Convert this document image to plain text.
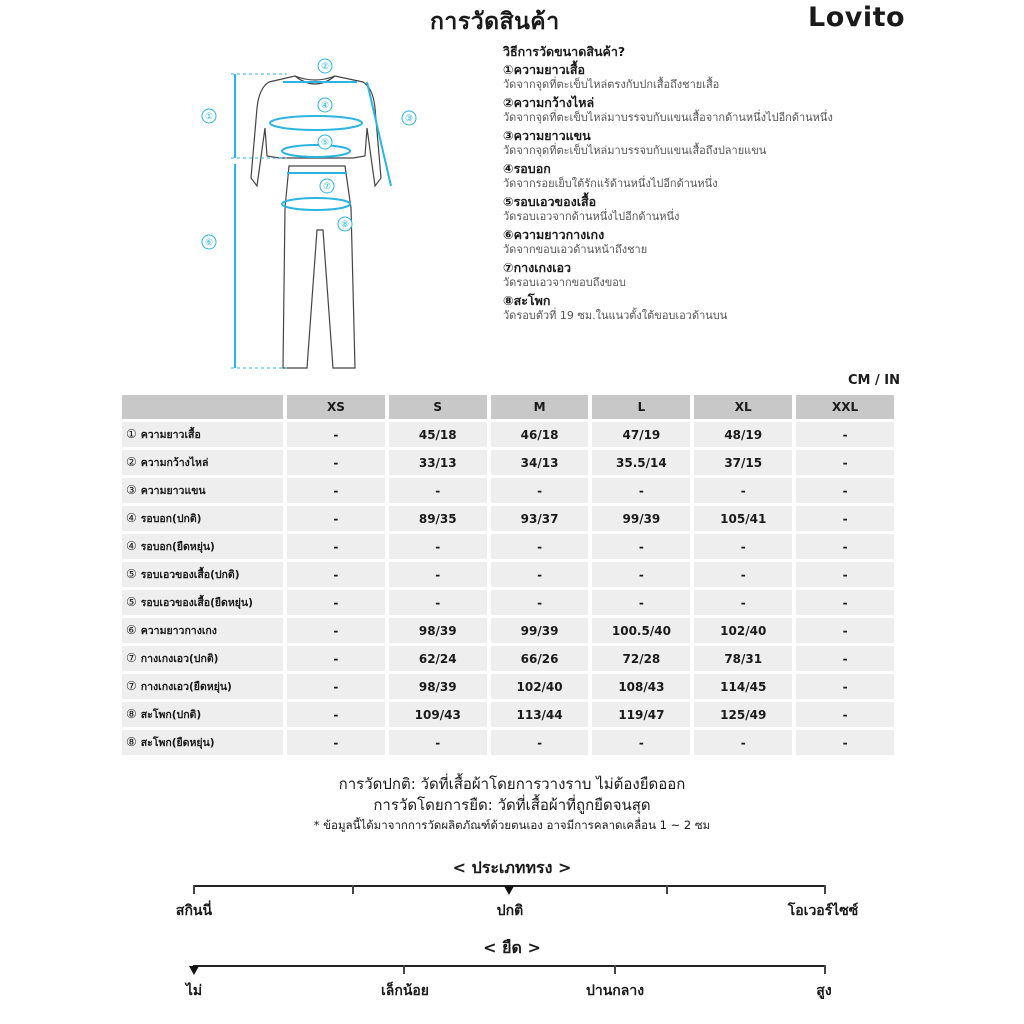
การวัดสินค้า	Lovito
①
②
③
④
⑤
⑥
⑦
⑧
วิธีการวัดขนาดสินค้า?
①ความยาวเสื้อ
วัดจากจุดที่ตะเข็บไหล่ตรงกับปกเสื้อถึงชายเสื้อ
②ความกว้างไหล่
วัดจากจุดที่ตะเข็บไหล่มาบรรจบกับแขนเสื้อจากด้านหนึ่งไปอีกด้านหนึ่ง
③ความยาวแขน
วัดจากจุดที่ตะเข็บไหล่มาบรรจบกับแขนเสื้อถึงปลายแขน
④รอบอก
วัดจากรอยเย็บใต้รักแร้ด้านหนึ่งไปอีกด้านหนึ่ง
⑤รอบเอวของเสื้อ
วัดรอบเอวจากด้านหนึ่งไปอีกด้านหนึ่ง
⑥ความยาวกางเกง
วัดจากขอบเอวด้านหน้าถึงชาย
⑦กางเกงเอว
วัดรอบเอวจากขอบถึงขอบ
⑧สะโพก
วัดรอบตัวที่ 19 ซม.ในแนวตั้งใต้ขอบเอวด้านบน
CM / IN
	XS	S	M	L	XL	XXL
① ความยาวเสื้อ	-	45/18	46/18	47/19	48/19	-
② ความกว้างไหล่	-	33/13	34/13	35.5/14	37/15	-
③ ความยาวแขน	-	-	-	-	-	-
④ รอบอก(ปกติ)	-	89/35	93/37	99/39	105/41	-
④ รอบอก(ยืดหยุ่น)	-	-	-	-	-	-
⑤ รอบเอวของเสื้อ(ปกติ)	-	-	-	-	-	-
⑤ รอบเอวของเสื้อ(ยืดหยุ่น)	-	-	-	-	-	-
⑥ ความยาวกางเกง	-	98/39	99/39	100.5/40	102/40	-
⑦ กางเกงเอว(ปกติ)	-	62/24	66/26	72/28	78/31	-
⑦ กางเกงเอว(ยืดหยุ่น)	-	98/39	102/40	108/43	114/45	-
⑧ สะโพก(ปกติ)	-	109/43	113/44	119/47	125/49	-
⑧ สะโพก(ยืดหยุ่น)	-	-	-	-	-	-
การวัดปกติ: วัดที่เสื้อผ้าโดยการวางราบ ไม่ต้องยืดออก
การวัดโดยการยืด: วัดที่เสื้อผ้าที่ถูกยืดจนสุด
* ข้อมูลนี้ได้มาจากการวัดผลิตภัณฑ์ด้วยตนเอง อาจมีการคลาดเคลื่อน 1 ~ 2 ซม
< ประเภททรง >
สกินนี่	ปกติ	โอเวอร์ไซซ์
< ยืด >
ไม่	เล็กน้อย	ปานกลาง	สูง
